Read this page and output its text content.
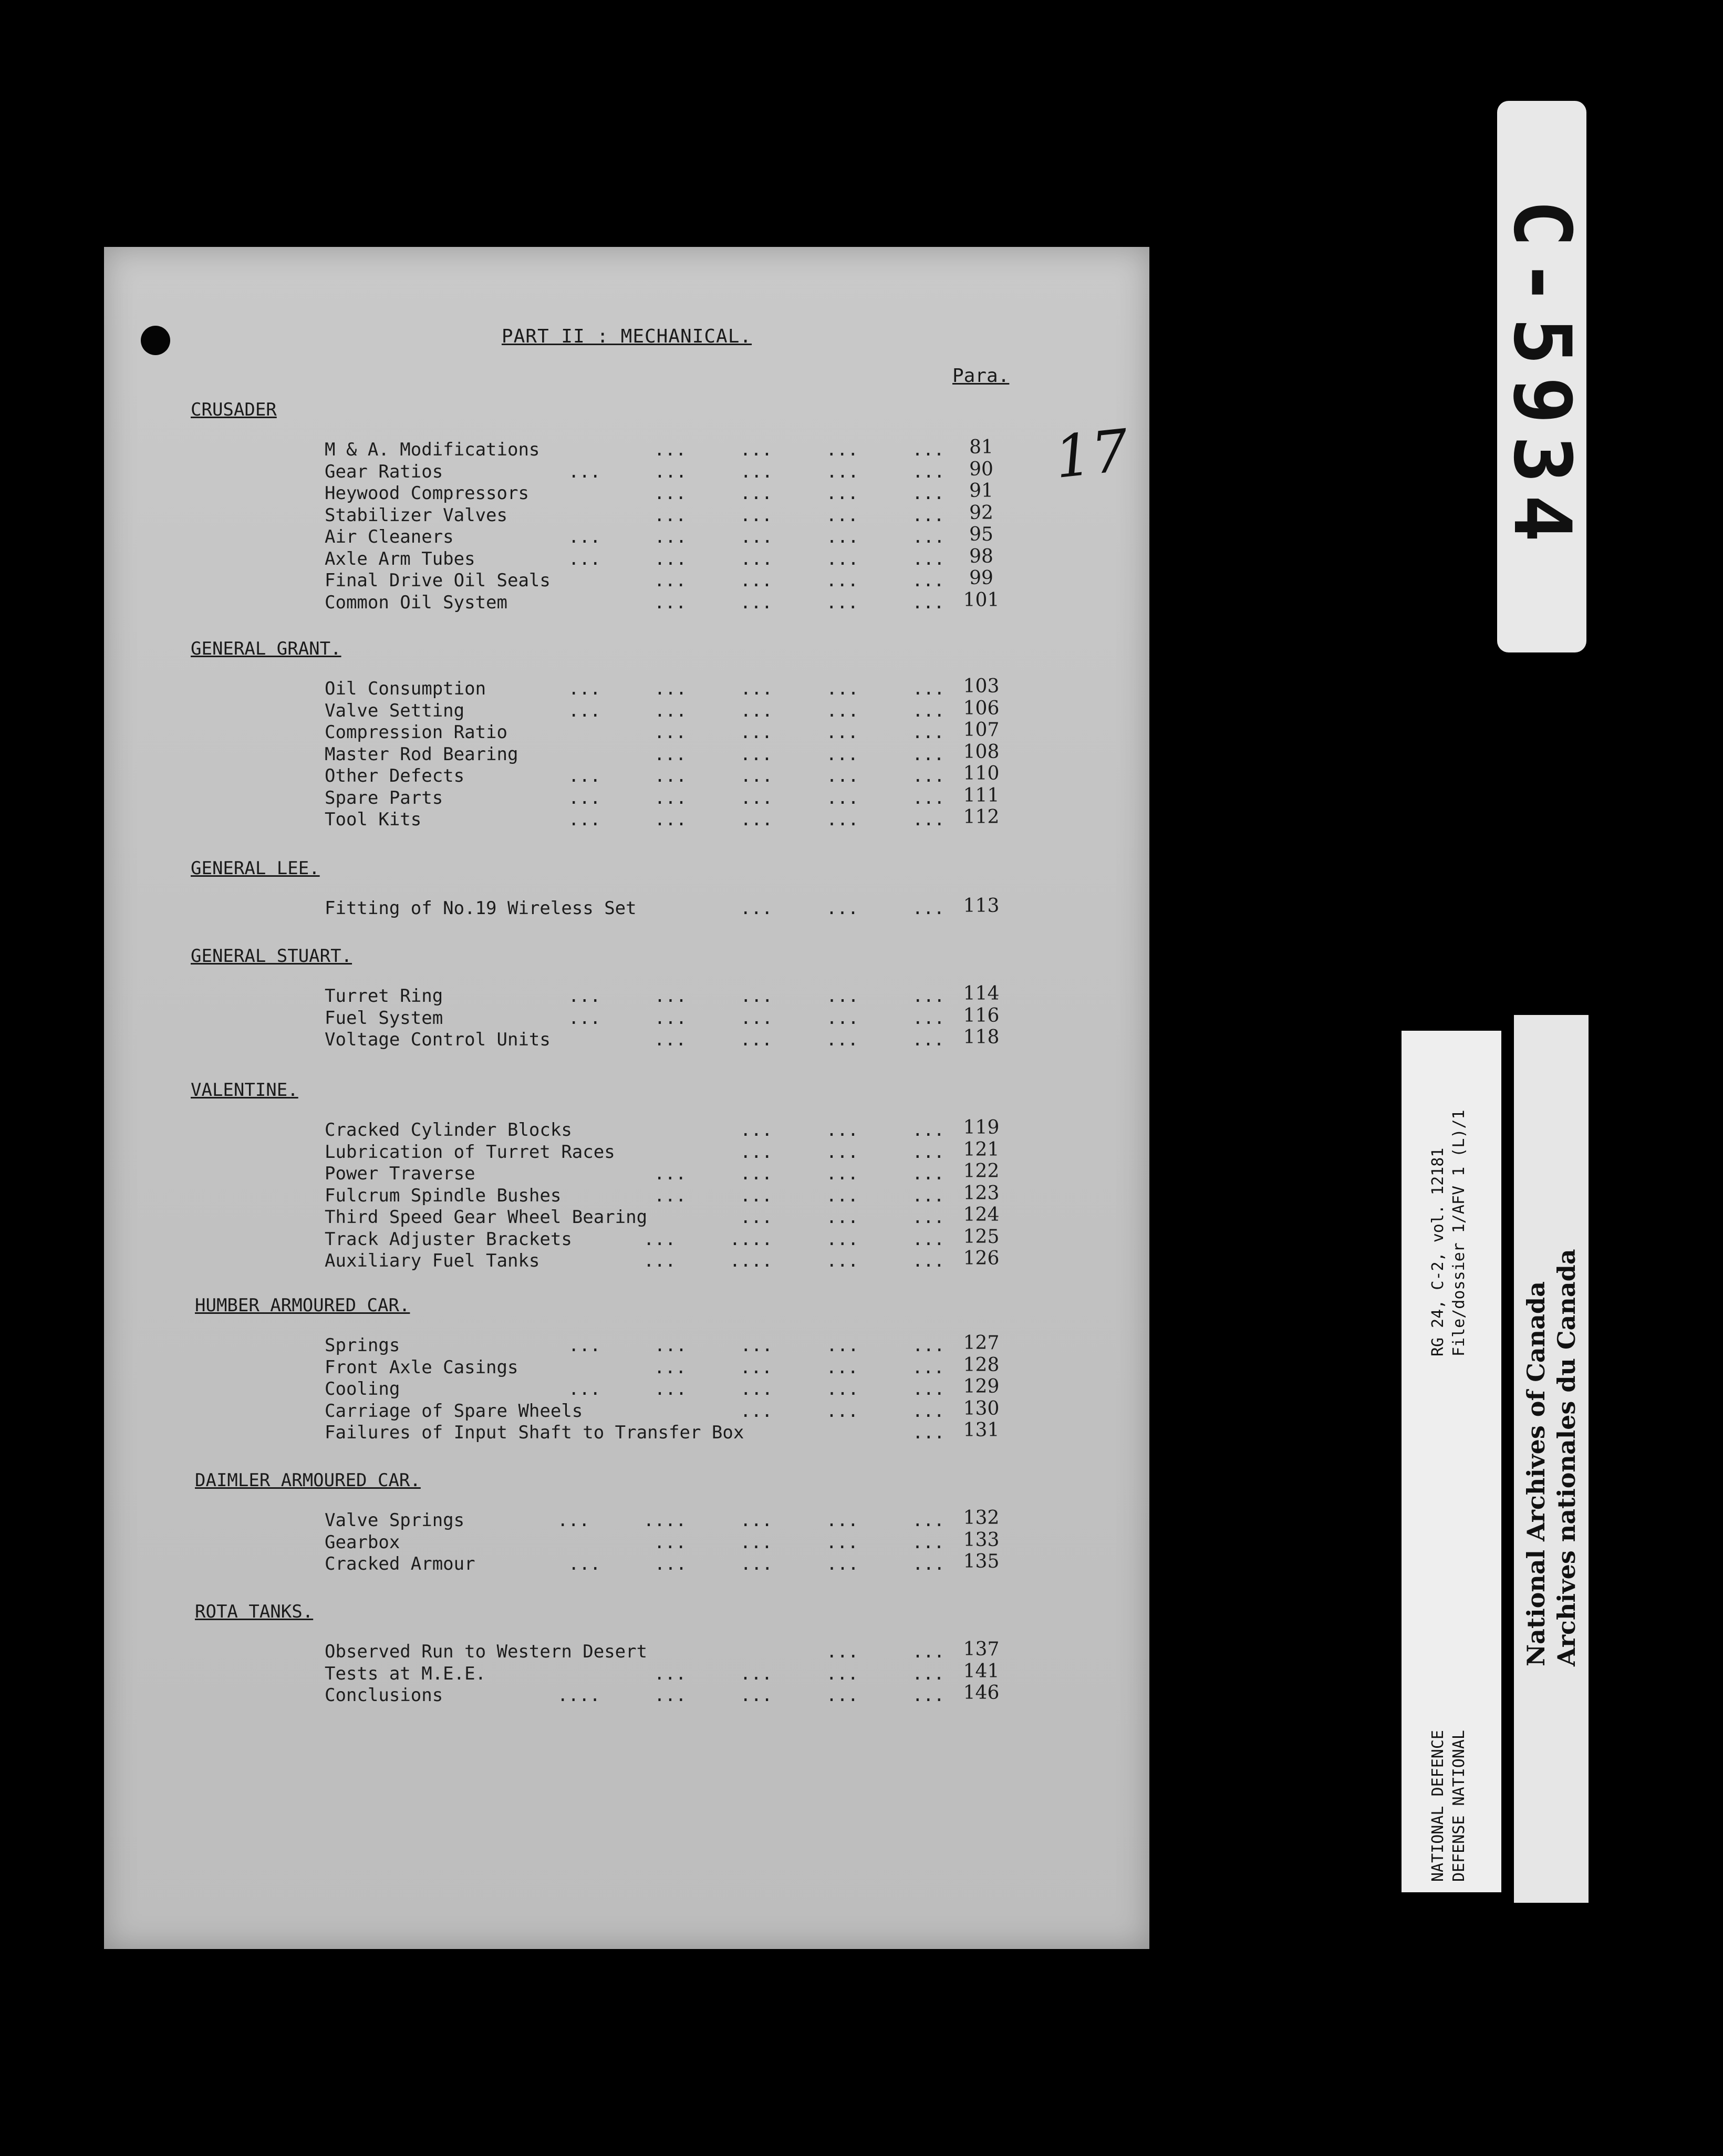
PART II : MECHANICAL.
Para.
17
CRUSADER
M & A. Modifications	...     ...     ...     ...	81
Gear Ratios	...     ...     ...     ...     ...	90
Heywood Compressors	...     ...     ...     ...	91
Stabilizer Valves	...     ...     ...     ...	92
Air Cleaners	...     ...     ...     ...     ...	95
Axle Arm Tubes	...     ...     ...     ...     ...	98
Final Drive Oil Seals	...     ...     ...     ...	99
Common Oil System	...     ...     ...     ... 101
GENERAL GRANT.
Oil Consumption	...     ...     ...     ...     ... 103
Valve Setting	...     ...     ...     ...     ... 106
Compression Ratio	...     ...     ...     ... 107
Master Rod Bearing	...     ...     ...     ... 108
Other Defects	...     ...     ...     ...     ... 110
Spare Parts	...     ...     ...     ...     ... 111
Tool Kits	...     ...     ...     ...     ... 112
GENERAL LEE.
Fitting of No.19 Wireless Set	...     ...     ... 113
GENERAL STUART.
Turret Ring	...     ...     ...     ...     ... 114
Fuel System	...     ...     ...     ...     ... 116
Voltage Control Units	...     ...     ...     ... 118
VALENTINE.
Cracked Cylinder Blocks	...     ...     ... 119
Lubrication of Turret Races	...     ...     ... 121
Power Traverse	...     ...     ...     ... 122
Fulcrum Spindle Bushes	...     ...     ...     ... 123
Third Speed Gear Wheel Bearing	...     ...     ... 124
Track Adjuster Brackets	...     ....     ...     ... 125
Auxiliary Fuel Tanks	...     ....     ...     ... 126
HUMBER ARMOURED CAR.
Springs	...     ...     ...     ...     ... 127
Front Axle Casings	...     ...     ...     ... 128
Cooling	...     ...     ...     ...     ... 129
Carriage of Spare Wheels	...     ...     ... 130
Failures of Input Shaft to Transfer Box	... 131
DAIMLER ARMOURED CAR.
Valve Springs	...     ....     ...     ...     ... 132
Gearbox	...     ...     ...     ... 133
Cracked Armour	...     ...     ...     ...     ... 135
ROTA TANKS.
Observed Run to Western Desert	...     ... 137
Tests at M.E.E.	...     ...     ...     ... 141
Conclusions	....     ...     ...     ...     ... 146
C-5934
RG 24, C-2, vol. 12181 File/dossier 1/AFV 1 (L)/1
NATIONAL DEFENCE DEFENSE NATIONAL
National Archives of Canada Archives nationales du Canada
